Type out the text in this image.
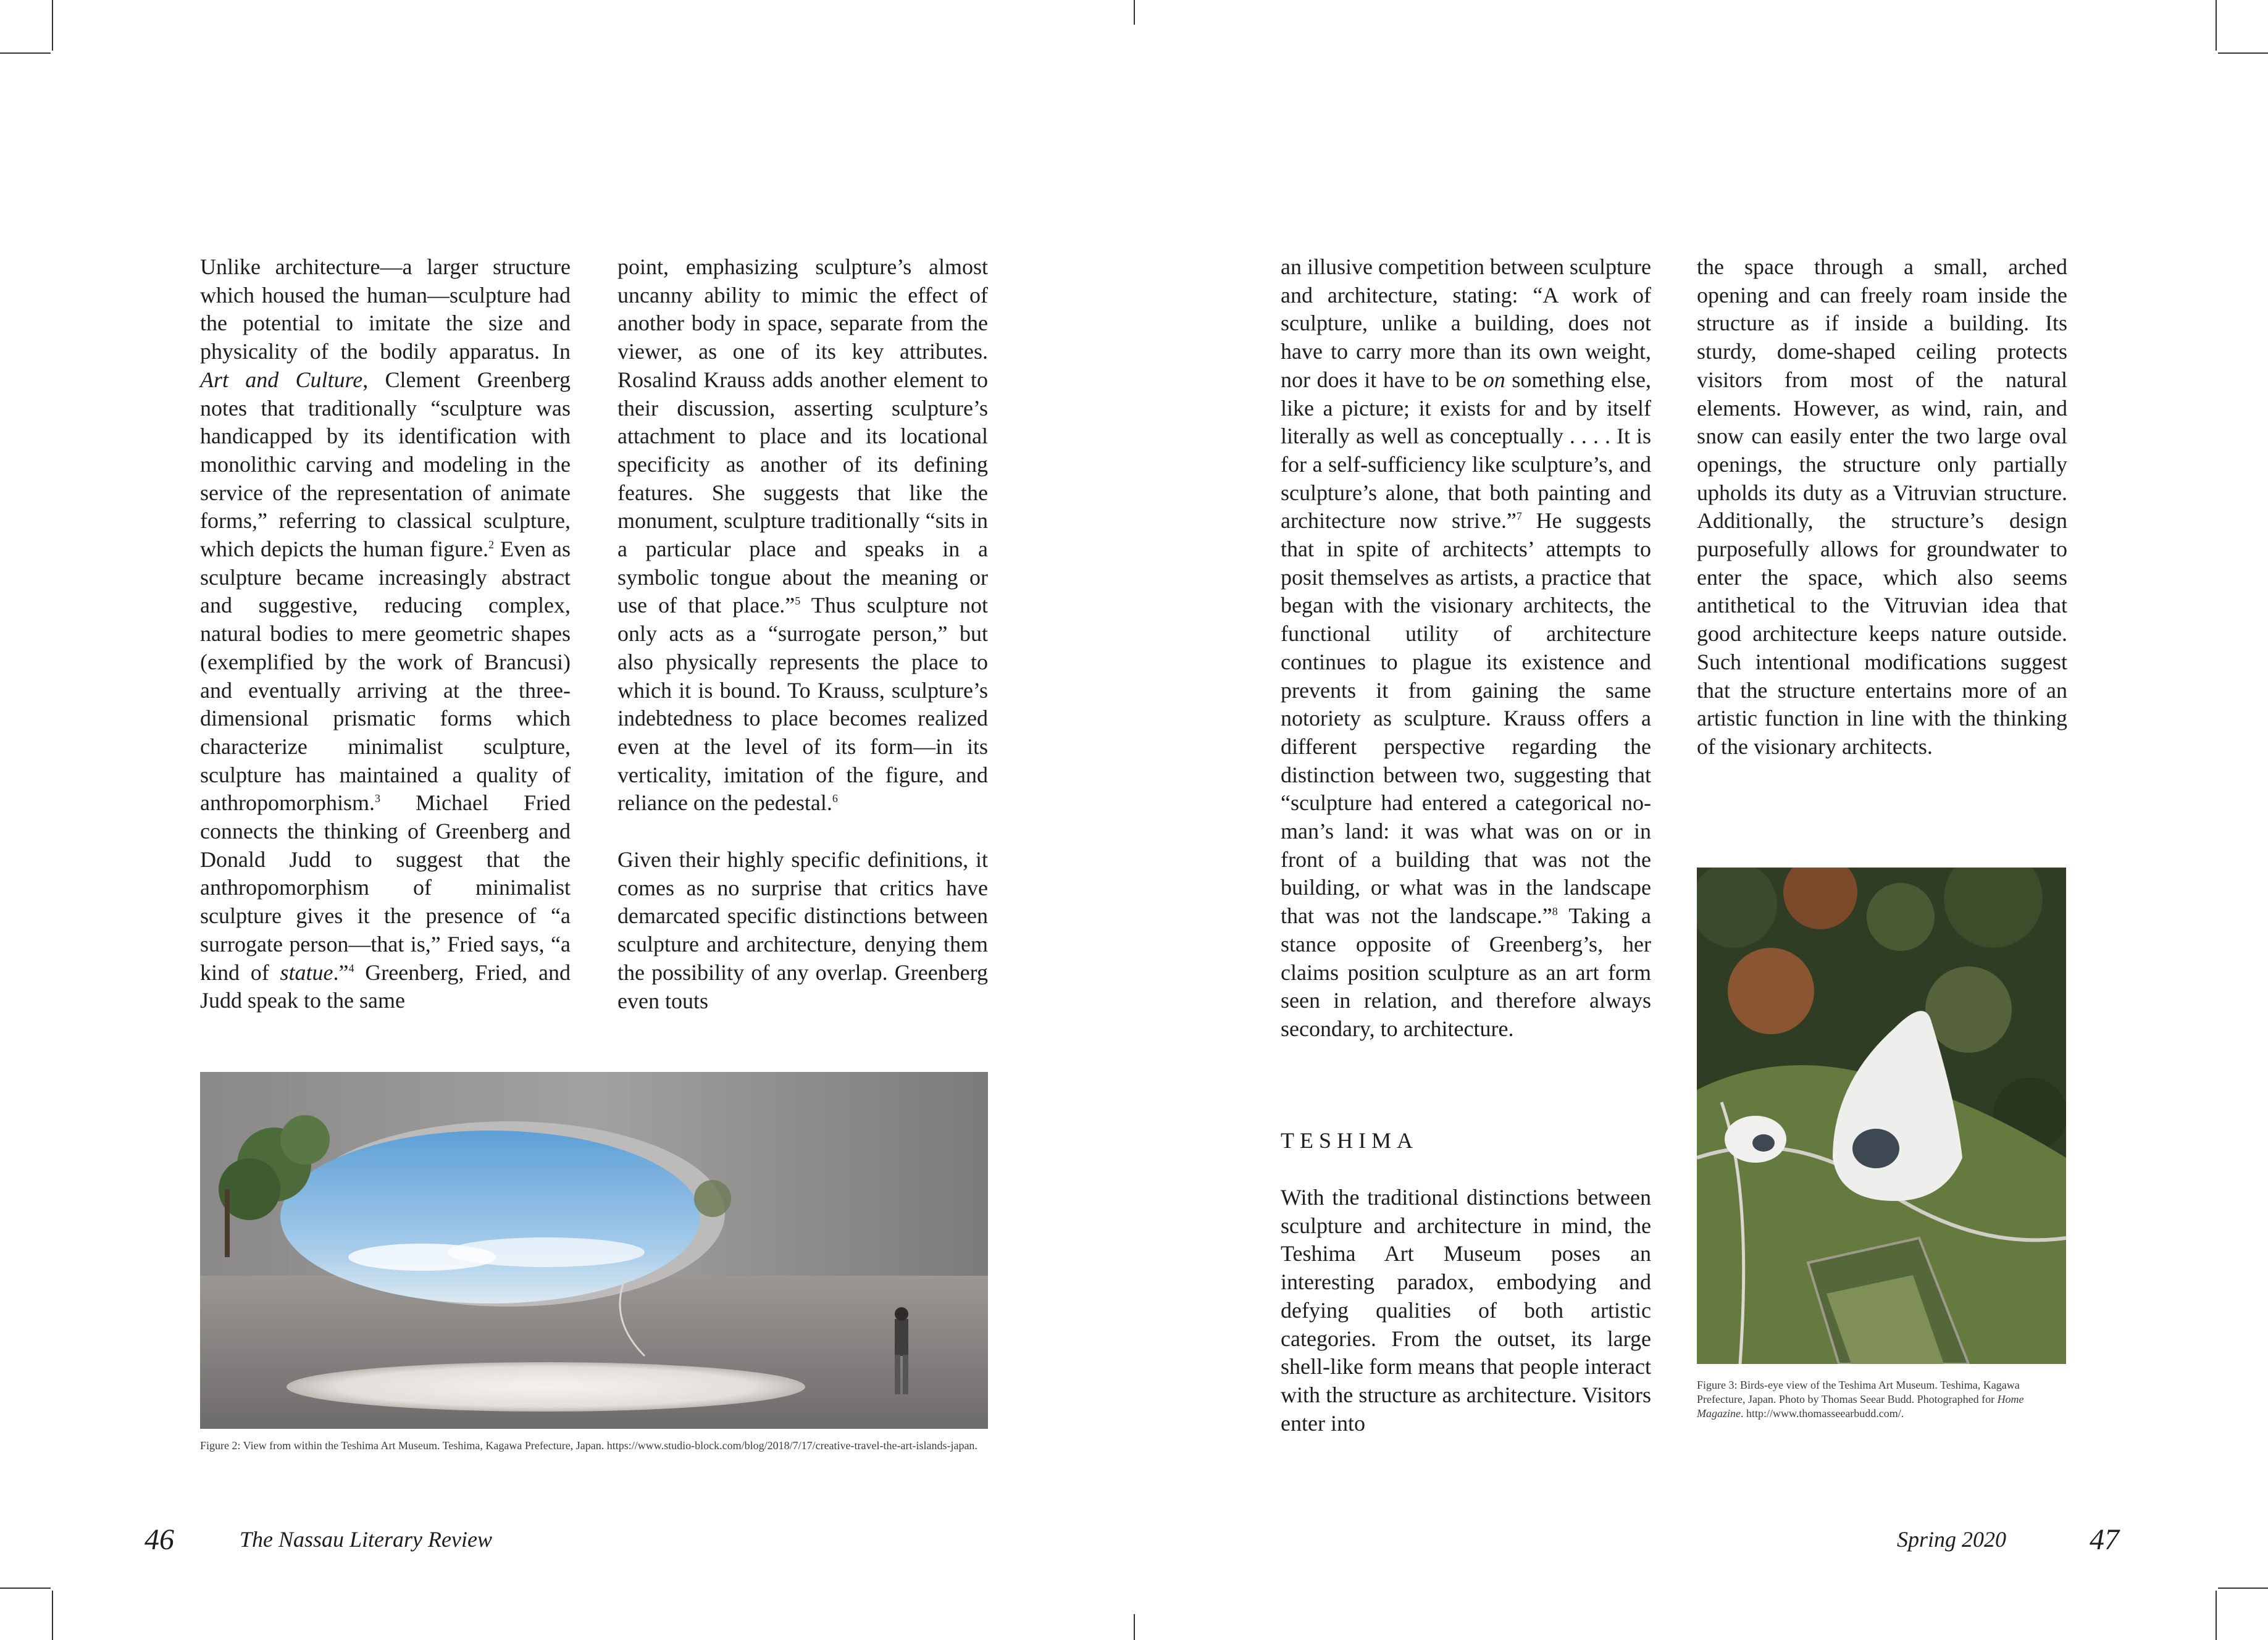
Unlike architecture—a larger structure which housed the human—sculpture had the potential to imitate the size and physicality of the bodily apparatus. In Art and Culture, Clement Greenberg notes that traditionally “sculpture was handicapped by its identification with monolithic carving and modeling in the service of the representation of animate forms,” referring to classical sculpture, which depicts the human figure.$^2$ Even as sculpture became increasingly abstract and suggestive, reducing complex, natural bodies to mere geometric shapes (exemplified by the work of Brancusi) and eventually arriving at the three-dimensional prismatic forms which characterize minimalist sculpture, sculpture has maintained a quality of anthropomorphism.$^3$ Michael Fried connects the thinking of Greenberg and Donald Judd to suggest that the anthropomorphism of minimalist sculpture gives it the presence of “a surrogate person—that is,” Fried says, “a kind of statue.”$^4$ Greenberg, Fried, and Judd speak to the same

point, emphasizing sculpture’s almost uncanny ability to mimic the effect of another body in space, separate from the viewer, as one of its key attributes. Rosalind Krauss adds another element to their discussion, asserting sculpture’s attachment to place and its locational specificity as another of its defining features. She suggests that like the monument, sculpture traditionally “sits in a particular place and speaks in a symbolic tongue about the meaning or use of that place.”$^5$ Thus sculpture not only acts as a “surrogate person,” but also physically represents the place to which it is bound. To Krauss, sculpture’s indebtedness to place becomes realized even at the level of its form—in its verticality, imitation of the figure, and reliance on the pedestal.$^6$

Given their highly specific definitions, it comes as no surprise that critics have demarcated specific distinctions between sculpture and architecture, denying them the possibility of any overlap. Greenberg even touts

Figure 2: View from within the Teshima Art Museum. Teshima, Kagawa Prefecture, Japan. https://www.studio-block.com/blog/2018/7/17/creative-travel-the-art-islands-japan.
46	The Nassau Literary Review

an illusive competition between sculpture and architecture, stating: “A work of sculpture, unlike a building, does not have to carry more than its own weight, nor does it have to be on something else, like a picture; it exists for and by itself literally as well as conceptually . . . . It is for a self-sufficiency like sculpture’s, and sculpture’s alone, that both painting and architecture now strive.”$^7$ He suggests that in spite of architects’ attempts to posit themselves as artists, a practice that began with the visionary architects, the functional utility of architecture continues to plague its existence and prevents it from gaining the same notoriety as sculpture. Krauss offers a different perspective regarding the distinction between two, suggesting that “sculpture had entered a categorical no-man’s land: it was what was on or in front of a building that was not the building, or what was in the landscape that was not the landscape.”$^8$ Taking a stance opposite of Greenberg’s, her claims position sculpture as an art form seen in relation, and therefore always secondary, to architecture.

TESHIMA

With the traditional distinctions between sculpture and architecture in mind, the Teshima Art Museum poses an interesting paradox, embodying and defying qualities of both artistic categories. From the outset, its large shell-like form means that people interact with the structure as architecture. Visitors enter into

the space through a small, arched opening and can freely roam inside the structure as if inside a building. Its sturdy, dome-shaped ceiling protects visitors from most of the natural elements. However, as wind, rain, and snow can easily enter the two large oval openings, the structure only partially upholds its duty as a Vitruvian structure. Additionally, the structure’s design purposefully allows for groundwater to enter the space, which also seems antithetical to the Vitruvian idea that good architecture keeps nature outside. Such intentional modifications suggest that the structure entertains more of an artistic function in line with the thinking of the visionary architects.

Figure 3: Birds-eye view of the Teshima Art Museum. Teshima, Kagawa Prefecture, Japan. Photo by Thomas Seear Budd. Photographed for Home Magazine. http://www.thomasseearbudd.com/.
Spring 2020	47
